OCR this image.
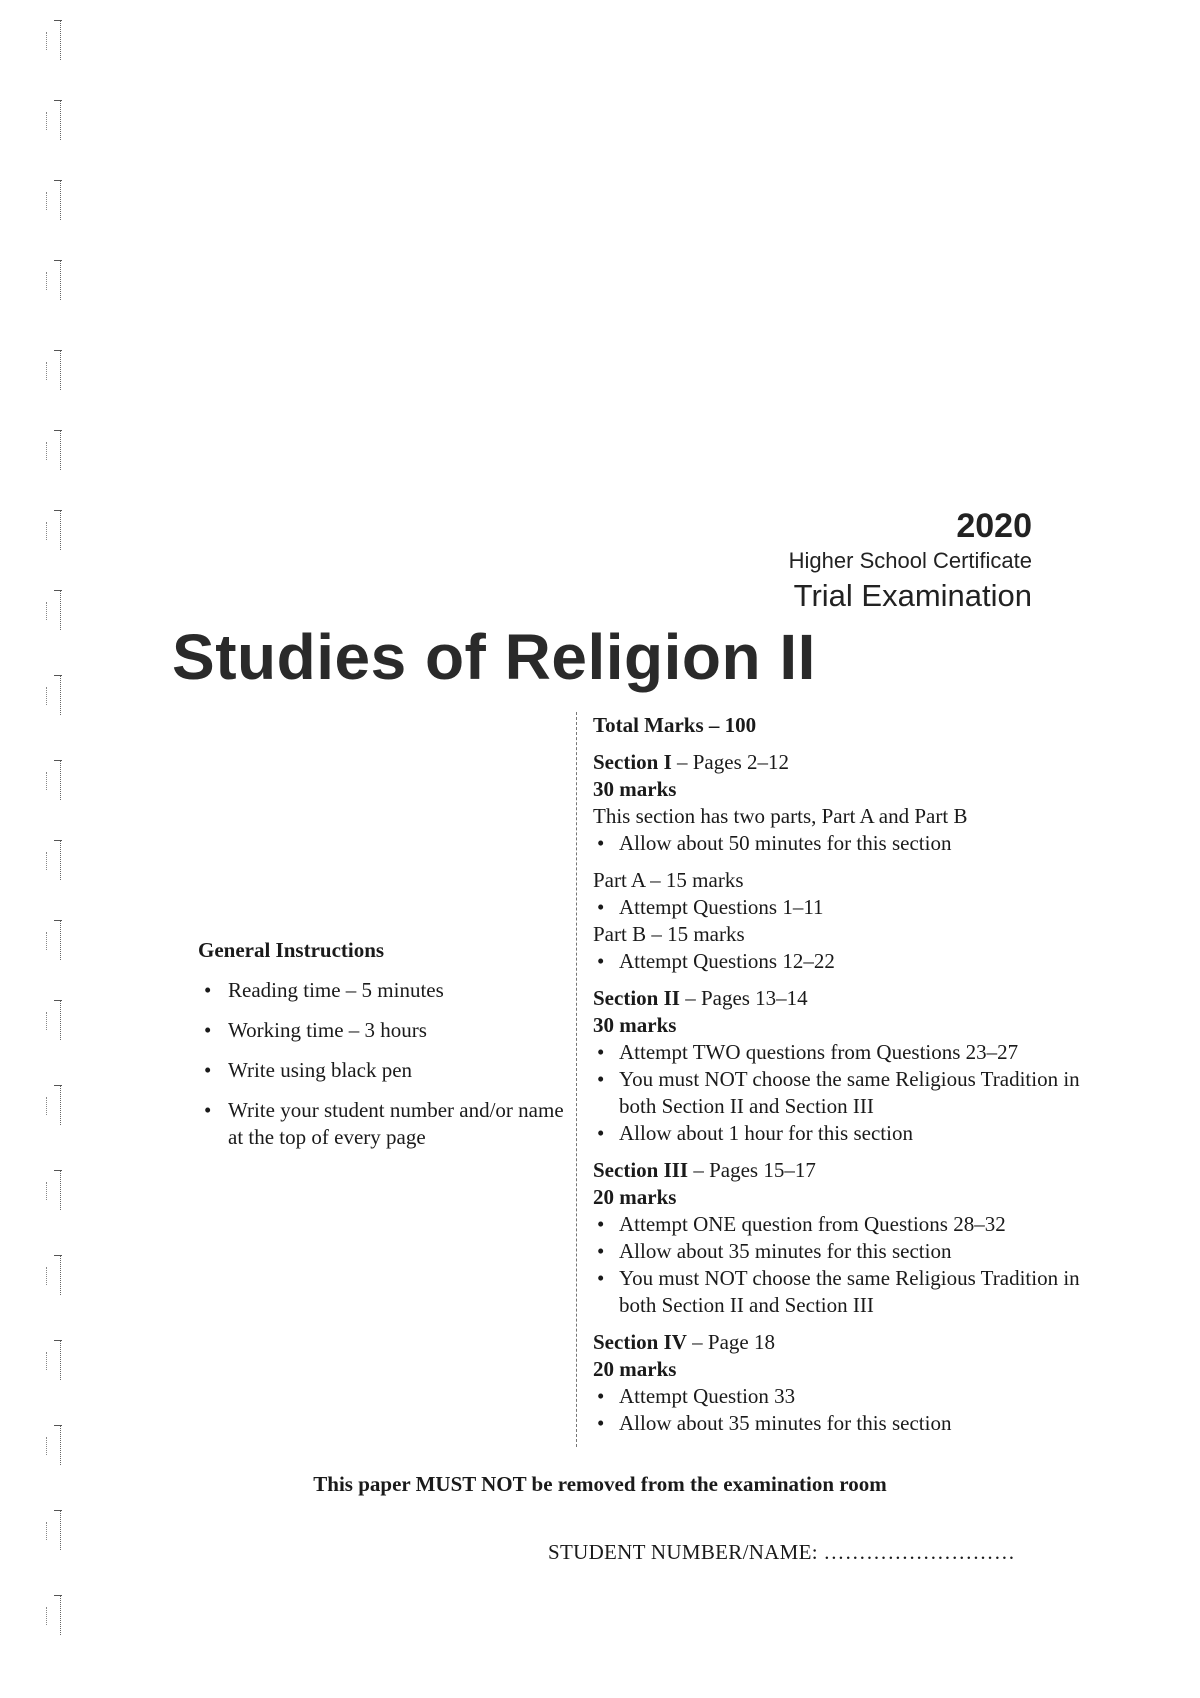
2020
Higher School Certificate
Trial Examination
Studies of Religion II
General Instructions
• Reading time – 5 minutes
• Working time – 3 hours
• Write using black pen
• Write your student number and/or name at the top of every page
Total Marks – 100
Section I – Pages 2–12
30 marks
This section has two parts, Part A and Part B
• Allow about 50 minutes for this section
Part A – 15 marks
• Attempt Questions 1–11
Part B – 15 marks
• Attempt Questions 12–22
Section II – Pages 13–14
30 marks
• Attempt TWO questions from Questions 23–27
• You must NOT choose the same Religious Tradition in both Section II and Section III
• Allow about 1 hour for this section
Section III – Pages 15–17
20 marks
• Attempt ONE question from Questions 28–32
• Allow about 35 minutes for this section
• You must NOT choose the same Religious Tradition in both Section II and Section III
Section IV – Page 18
20 marks
• Attempt Question 33
• Allow about 35 minutes for this section
This paper MUST NOT be removed from the examination room
STUDENT NUMBER/NAME: ………………………
